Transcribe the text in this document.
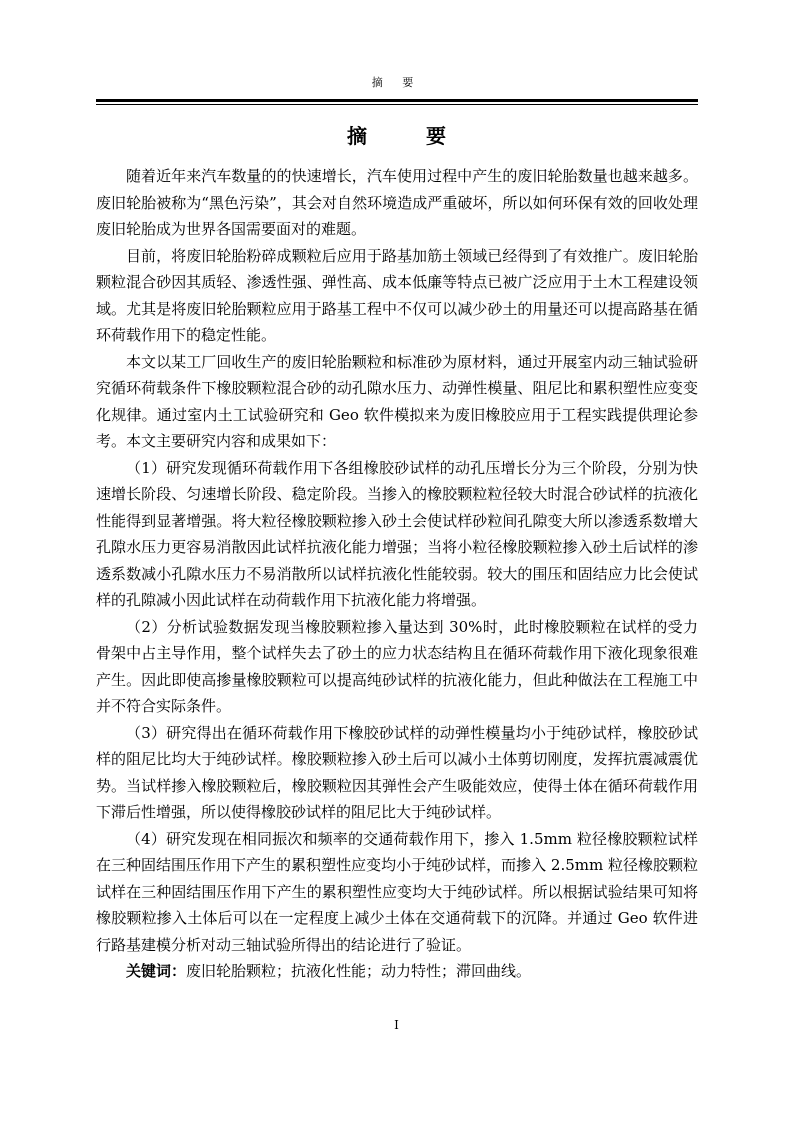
摘 要
摘 要

随着近年来汽车数量的的快速增长，汽车使用过程中产生的废旧轮胎数量也越来越多。废旧轮胎被称为“黑色污染”，其会对自然环境造成严重破坏，所以如何环保有效的回收处理废旧轮胎成为世界各国需要面对的难题。

目前，将废旧轮胎粉碎成颗粒后应用于路基加筋土领域已经得到了有效推广。废旧轮胎颗粒混合砂因其质轻、渗透性强、弹性高、成本低廉等特点已被广泛应用于土木工程建设领域。尤其是将废旧轮胎颗粒应用于路基工程中不仅可以减少砂土的用量还可以提高路基在循环荷载作用下的稳定性能。

本文以某工厂回收生产的废旧轮胎颗粒和标准砂为原材料，通过开展室内动三轴试验研究循环荷载条件下橡胶颗粒混合砂的动孔隙水压力、动弹性模量、阻尼比和累积塑性应变变化规律。通过室内土工试验研究和 Geo 软件模拟来为废旧橡胶应用于工程实践提供理论参考。本文主要研究内容和成果如下：

（1）研究发现循环荷载作用下各组橡胶砂试样的动孔压增长分为三个阶段，分别为快速增长阶段、匀速增长阶段、稳定阶段。当掺入的橡胶颗粒粒径较大时混合砂试样的抗液化性能得到显著增强。将大粒径橡胶颗粒掺入砂土会使试样砂粒间孔隙变大所以渗透系数增大孔隙水压力更容易消散因此试样抗液化能力增强；当将小粒径橡胶颗粒掺入砂土后试样的渗透系数减小孔隙水压力不易消散所以试样抗液化性能较弱。较大的围压和固结应力比会使试样的孔隙减小因此试样在动荷载作用下抗液化能力将增强。

（2）分析试验数据发现当橡胶颗粒掺入量达到 30%时，此时橡胶颗粒在试样的受力骨架中占主导作用，整个试样失去了砂土的应力状态结构且在循环荷载作用下液化现象很难产生。因此即使高掺量橡胶颗粒可以提高纯砂试样的抗液化能力，但此种做法在工程施工中并不符合实际条件。

（3）研究得出在循环荷载作用下橡胶砂试样的动弹性模量均小于纯砂试样，橡胶砂试样的阻尼比均大于纯砂试样。橡胶颗粒掺入砂土后可以减小土体剪切刚度，发挥抗震减震优势。当试样掺入橡胶颗粒后，橡胶颗粒因其弹性会产生吸能效应，使得土体在循环荷载作用下滞后性增强，所以使得橡胶砂试样的阻尼比大于纯砂试样。

（4）研究发现在相同振次和频率的交通荷载作用下，掺入 1.5mm 粒径橡胶颗粒试样在三种固结围压作用下产生的累积塑性应变均小于纯砂试样，而掺入 2.5mm 粒径橡胶颗粒试样在三种固结围压作用下产生的累积塑性应变均大于纯砂试样。所以根据试验结果可知将橡胶颗粒掺入土体后可以在一定程度上减少土体在交通荷载下的沉降。并通过 Geo 软件进行路基建模分析对动三轴试验所得出的结论进行了验证。

关键词：废旧轮胎颗粒；抗液化性能；动力特性；滞回曲线。

I
